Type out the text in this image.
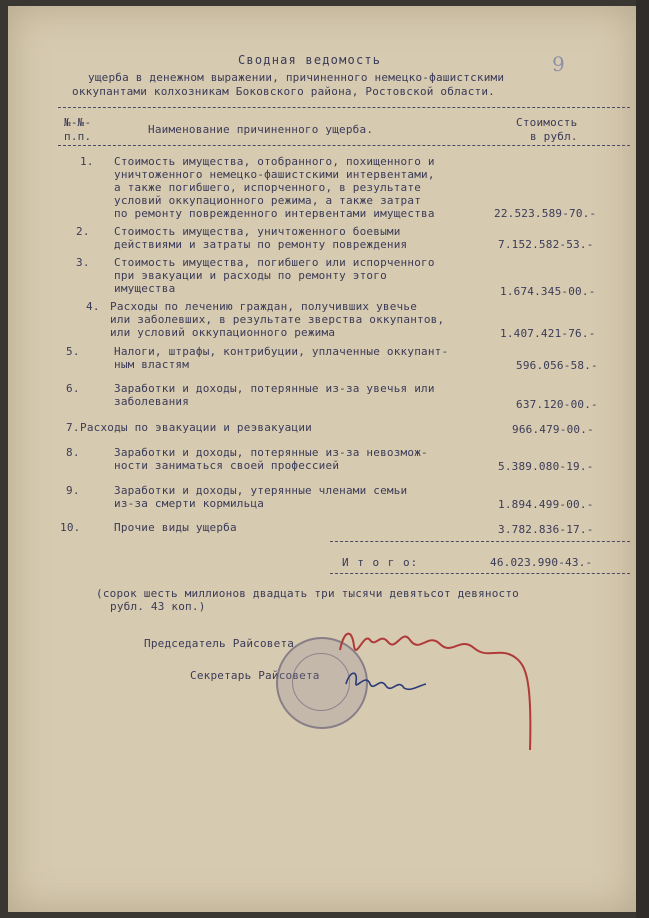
9
Сводная ведомость
ущерба в денежном выражении, причиненного немецко-фашистскими
оккупантами колхозникам Боковского района, Ростовской области.
№-№-
п.п.
Наименование причиненного ущерба.
Стоимость
в рубл.
1. Стоимость имущества, отобранного, похищенного и
уничтоженного немецко-фашистскими интервентами,
а также погибшего, испорченного, в результате
условий оккупационного режима, а также затрат
по ремонту поврежденного интервентами имущества	22.523.589-70.-
2. Стоимость имущества, уничтоженного боевыми
действиями и затраты по ремонту повреждения	7.152.582-53.-
3. Стоимость имущества, погибшего или испорченного
при эвакуации и расходы по ремонту этого
имущества	1.674.345-00.-
4. Расходы по лечению граждан, получивших увечье
или заболевших, в результате зверства оккупантов,
или условий оккупационного режима	1.407.421-76.-
5.	Налоги, штрафы, контрибуции, уплаченные оккупант-
ным властям	596.056-58.-
6.	Заработки и доходы, потерянные из-за увечья или
заболевания	637.120-00.-
7. Расходы по эвакуации и реэвакуации	966.479-00.-
8.	Заработки и доходы, потерянные из-за невозмож-
ности заниматься своей профессией	5.389.080-19.-
9.	Заработки и доходы, утерянные членами семьи
из-за смерти кормильца	1.894.499-00.-
10.	Прочие виды ущерба	3.782.836-17.-
И т о г о:	46.023.990-43.-
(сорок шесть миллионов двадцать три тысячи девятьсот девяносто
рубл. 43 коп.)
Председатель Райсовета
Секретарь Райсовета
